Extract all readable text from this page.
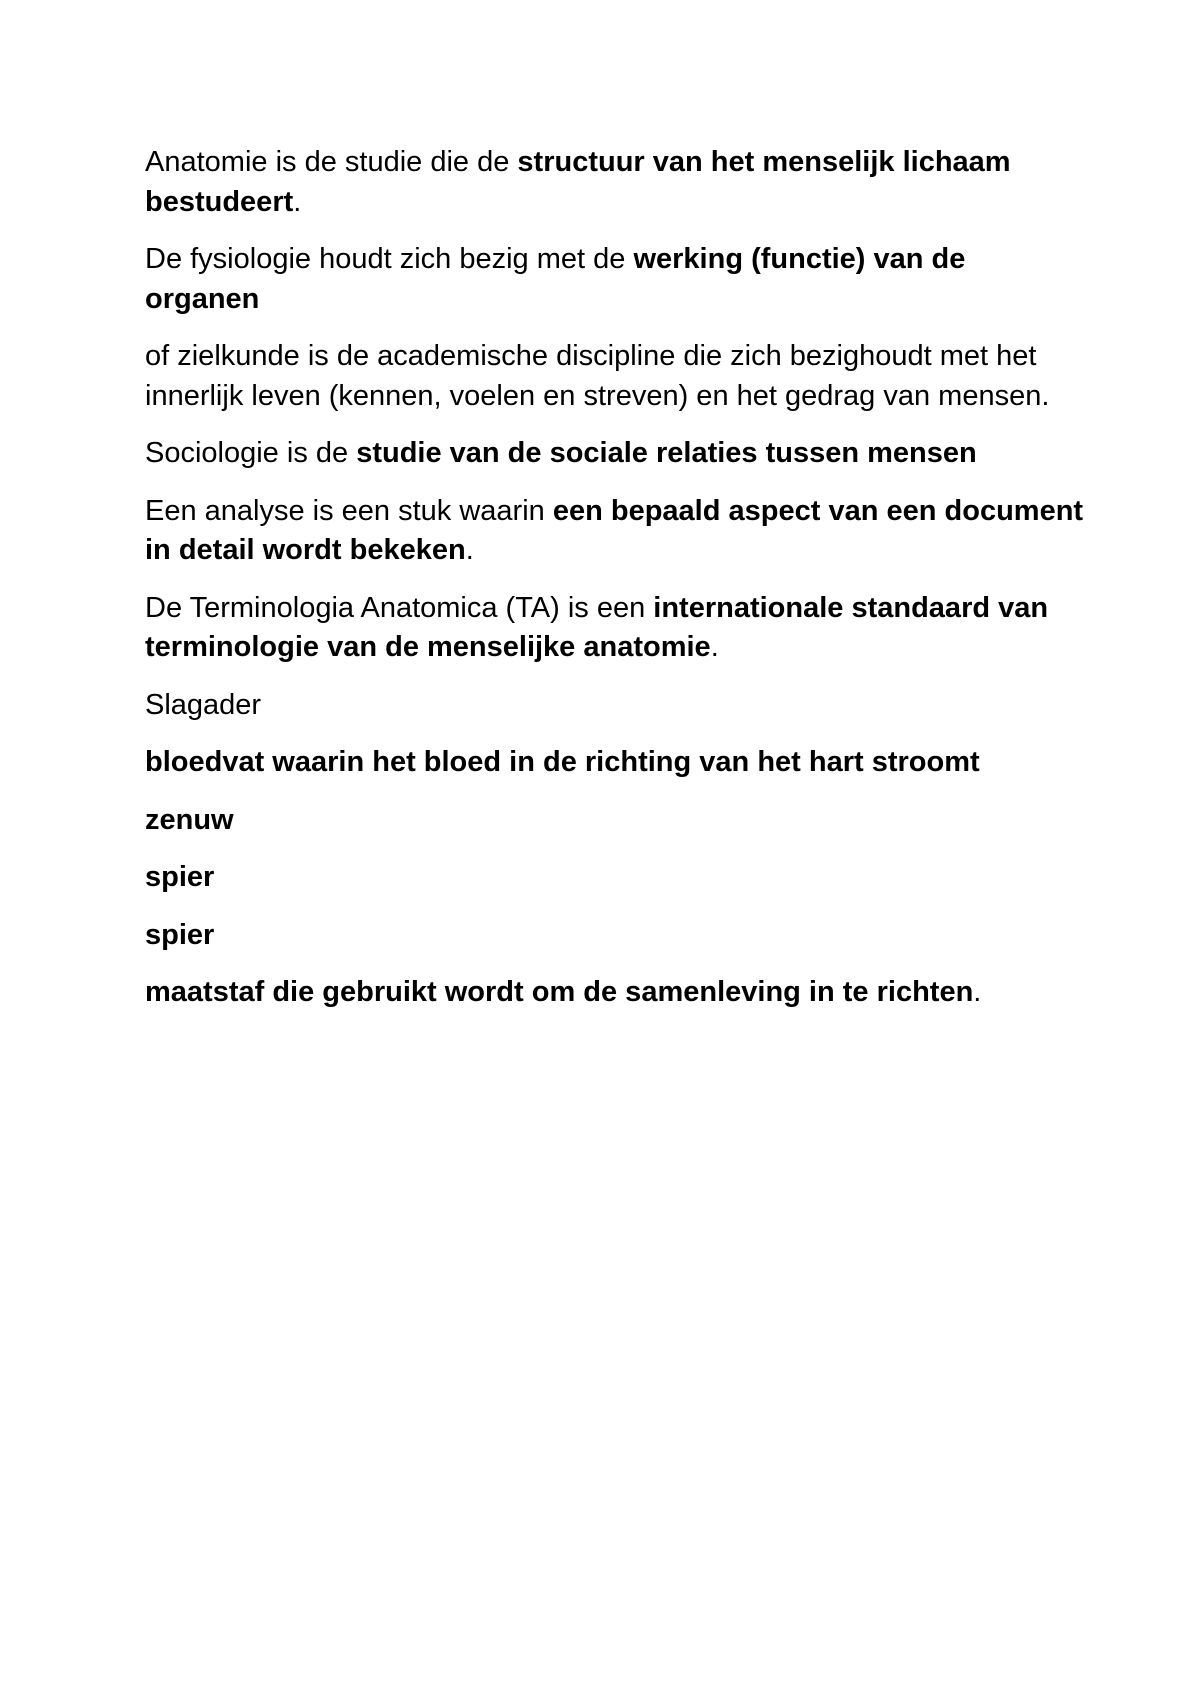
Anatomie is de studie die de structuur van het menselijk lichaam bestudeert.

De fysiologie houdt zich bezig met de werking (functie) van de organen

of zielkunde is de academische discipline die zich bezighoudt met het innerlijk leven (kennen, voelen en streven) en het gedrag van mensen.

Sociologie is de studie van de sociale relaties tussen mensen

Een analyse is een stuk waarin een bepaald aspect van een document in detail wordt bekeken.

De Terminologia Anatomica (TA) is een internationale standaard van terminologie van de menselijke anatomie.

Slagader

bloedvat waarin het bloed in de richting van het hart stroomt

zenuw

spier

spier

maatstaf die gebruikt wordt om de samenleving in te richten.
